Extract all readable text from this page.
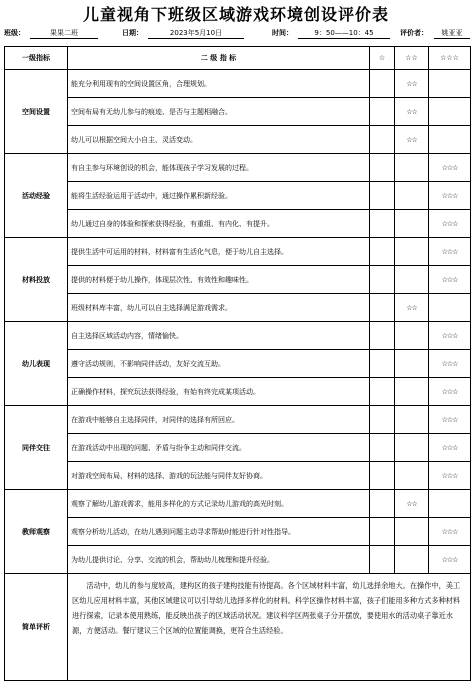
儿童视角下班级区域游戏环境创设评价表
班级：	果果二班	日期：	2023年5月10日	时间：	9：50——10：45	评价者：	姚亚亚
一级指标	二 级 指 标	☆	☆☆	☆☆☆
空间设置	能充分利用现有的空间设置区角，合理规划。		☆☆	
	空间布局有无幼儿参与的痕迹、是否与主题相融合。		☆☆	
	幼儿可以根据空间大小自主、灵活变动。		☆☆	
活动经验	有自主参与环境创设的机会，能体现孩子学习发展的过程。			☆☆☆
	能将生活经验运用于活动中，通过操作累积新经验。			☆☆☆
	幼儿通过自身的体验和探索获得经验，有重组、有内化、有提升。			☆☆☆
材料投放	提供生活中可运用的材料，材料富有生活化气息，便于幼儿自主选择。			☆☆☆
	提供的材料便于幼儿操作，体现层次性、有效性和趣味性。			☆☆☆
	班级材料库丰富，幼儿可以自主选择满足游戏需求。		☆☆	
幼儿表现	自主选择区域活动内容，情绪愉快。			☆☆☆
	遵守活动规则，不影响同伴活动，友好交流互助。			☆☆☆
	正确操作材料，探究玩法获得经验，有始有终完成某项活动。			☆☆☆
同伴交往	在游戏中能够自主选择同伴，对同伴的选择有所回应。			☆☆☆
	在游戏活动中出现的问题、矛盾与纷争主动和同伴交流。			☆☆☆
	对游戏空间布局、材料的选择、游戏的玩法能与同伴友好协商。			☆☆☆
教师观察	观察了解幼儿游戏需求，能用多样化的方式记录幼儿游戏的高光时刻。		☆☆	
	观察分析幼儿活动，在幼儿遇到问题主动寻求帮助时能进行针对性指导。			☆☆☆
	为幼儿提供讨论、分享、交流的机会，帮助幼儿梳理和提升经验。			☆☆☆
简单评析	活动中，幼儿的参与度较高，建构区的孩子建构技能有待提高。各个区域材料丰富，幼儿选择余地大。在操作中，美工区幼儿应用材料丰富，其他区域建议可以引导幼儿选择多样化的材料。科学区操作材料丰富，孩子们能用多种方式多种材料进行探索，记录本使用熟练，能反映出孩子的区域活动状况。建议科学区两张桌子分开摆放，要使用水的活动桌子靠近水源，方便活动。餐厅建议三个区域的位置能调换，更符合生活经验。			
